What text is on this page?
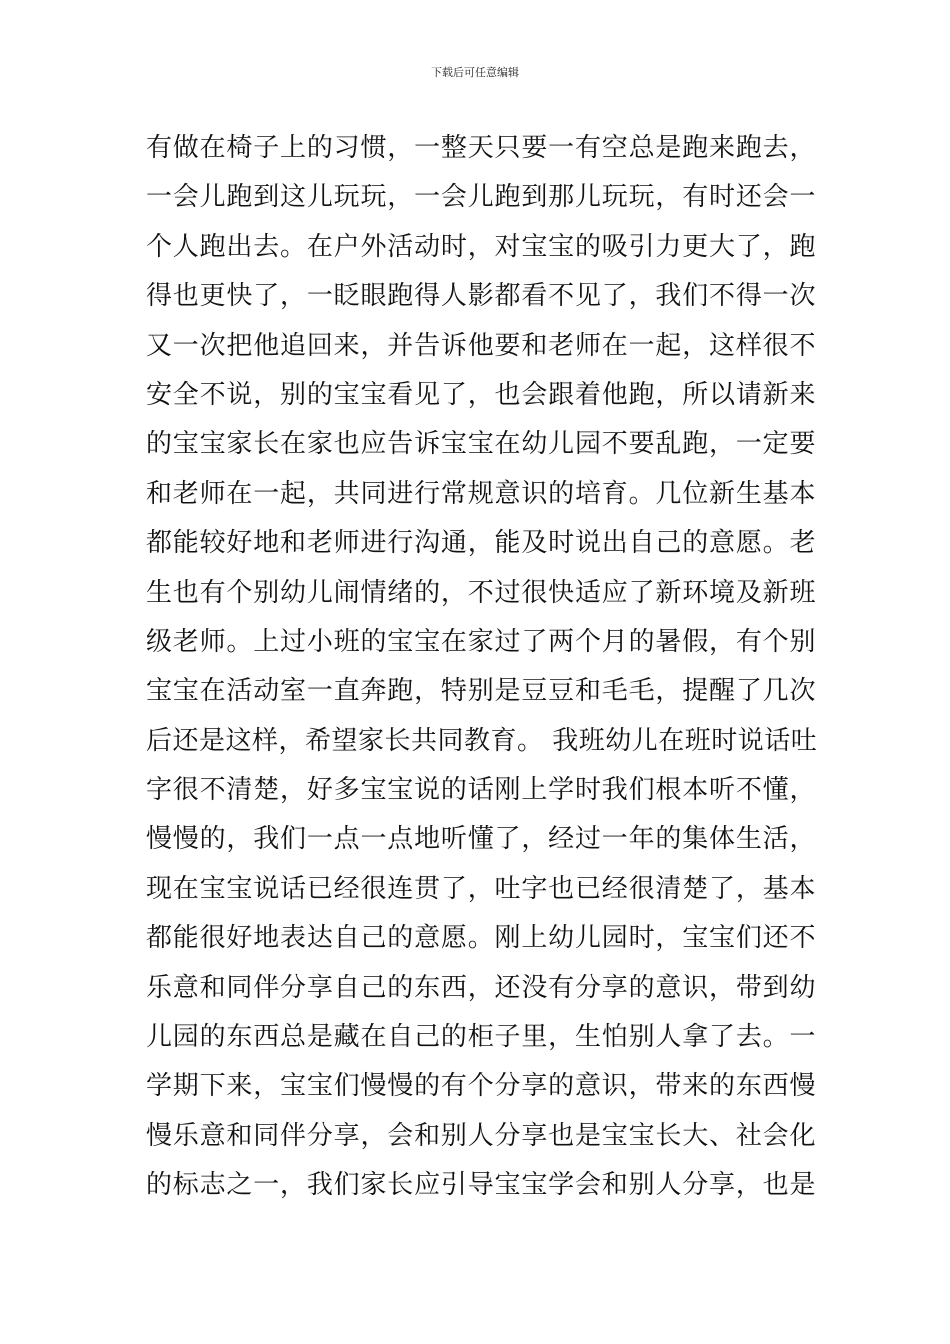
下载后可任意编辑
有做在椅子上的习惯，一整天只要一有空总是跑来跑去，
一会儿跑到这儿玩玩，一会儿跑到那儿玩玩，有时还会一
个人跑出去。在户外活动时，对宝宝的吸引力更大了，跑
得也更快了，一眨眼跑得人影都看不见了，我们不得一次
又一次把他追回来，并告诉他要和老师在一起，这样很不
安全不说，别的宝宝看见了，也会跟着他跑，所以请新来
的宝宝家长在家也应告诉宝宝在幼儿园不要乱跑，一定要
和老师在一起，共同进行常规意识的培育。几位新生基本
都能较好地和老师进行沟通，能及时说出自己的意愿。老
生也有个别幼儿闹情绪的，不过很快适应了新环境及新班
级老师。上过小班的宝宝在家过了两个月的暑假，有个别
宝宝在活动室一直奔跑，特别是豆豆和毛毛，提醒了几次
后还是这样，希望家长共同教育。 我班幼儿在班时说话吐
字很不清楚，好多宝宝说的话刚上学时我们根本听不懂，
慢慢的，我们一点一点地听懂了，经过一年的集体生活，
现在宝宝说话已经很连贯了，吐字也已经很清楚了，基本
都能很好地表达自己的意愿。刚上幼儿园时，宝宝们还不
乐意和同伴分享自己的东西，还没有分享的意识，带到幼
儿园的东西总是藏在自己的柜子里，生怕别人拿了去。一
学期下来，宝宝们慢慢的有个分享的意识，带来的东西慢
慢乐意和同伴分享，会和别人分享也是宝宝长大、社会化
的标志之一，我们家长应引导宝宝学会和别人分享，也是
